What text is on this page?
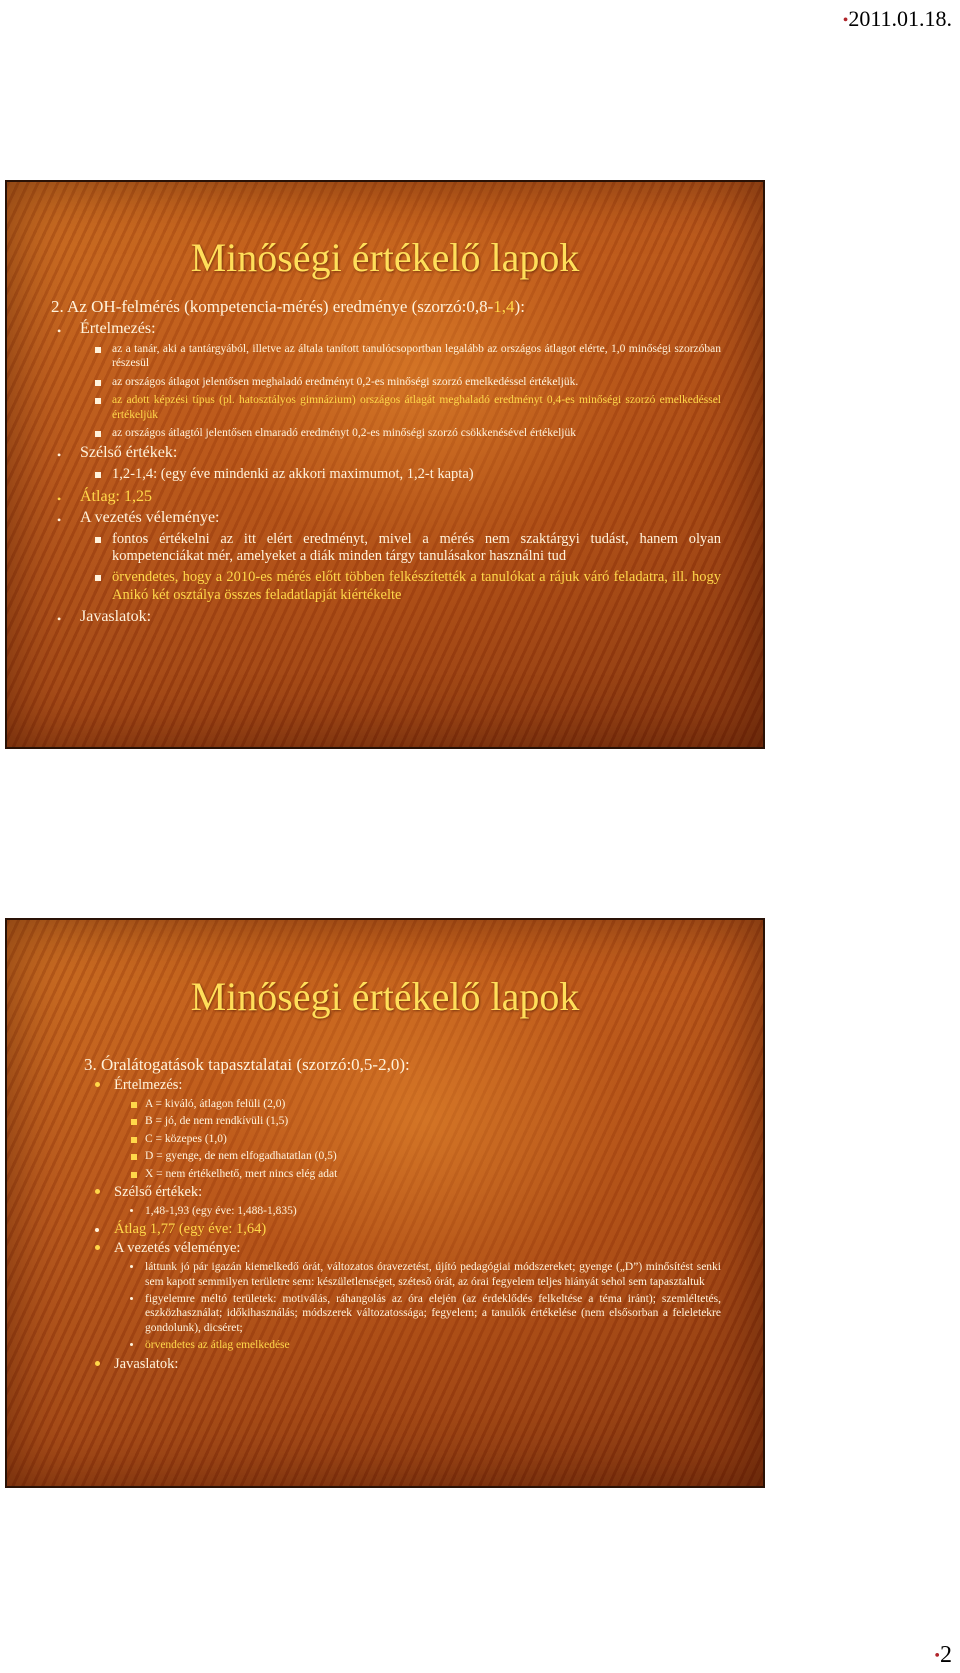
•2011.01.18.
Minőségi értékelő lapok
2. Az OH-felmérés (kompetencia-mérés) eredménye (szorzó:0,8-1,4):
• Értelmezés:
az a tanár, aki a tantárgyából, illetve az általa tanított tanulócsoportban legalább az országos átlagot elérte, 1,0 minőségi szorzóban részesül
az országos átlagot jelentősen meghaladó eredményt 0,2-es minőségi szorzó emelkedéssel értékeljük.
az adott képzési típus (pl. hatosztályos gimnázium) országos átlagát meghaladó eredményt 0,4-es minőségi szorzó emelkedéssel értékeljük
az országos átlagtól jelentősen elmaradó eredményt 0,2-es minőségi szorzó csökkenésével értékeljük
• Szélső értékek:
1,2-1,4: (egy éve mindenki az akkori maximumot, 1,2-t kapta)
• Átlag: 1,25
• A vezetés véleménye:
fontos értékelni az itt elért eredményt, mivel a mérés nem szaktárgyi tudást, hanem olyan kompetenciákat mér, amelyeket a diák minden tárgy tanulásakor használni tud
örvendetes, hogy a 2010-es mérés előtt többen felkészítették a tanulókat a rájuk váró feladatra, ill. hogy Anikó két osztálya összes feladatlapját kiértékelte
• Javaslatok:
Minőségi értékelő lapok
3. Óralátogatások tapasztalatai (szorzó:0,5-2,0):
Értelmezés:
A = kiváló, átlagon felüli (2,0)
B = jó, de nem rendkívüli (1,5)
C = közepes (1,0)
D = gyenge, de nem elfogadhatatlan (0,5)
X = nem értékelhető, mert nincs elég adat
Szélső értékek:
1,48-1,93 (egy éve: 1,488-1,835)
Átlag 1,77 (egy éve: 1,64)
A vezetés véleménye:
láttunk jó pár igazán kiemelkedő órát, változatos óravezetést, újító pedagógiai módszereket; gyenge („D”) minősítést senki sem kapott semmilyen területre sem: készületlenséget, szétesõ órát, az órai fegyelem teljes hiányát sehol sem tapasztaltuk
figyelemre méltó területek: motiválás, ráhangolás az óra elején (az érdeklődés felkeltése a téma iránt); szemléltetés, eszközhasználat; időkihasználás; módszerek változatossága; fegyelem; a tanulók értékelése (nem elsősorban a feleletekre gondolunk), dicséret;
örvendetes az átlag emelkedése
Javaslatok:
•2
